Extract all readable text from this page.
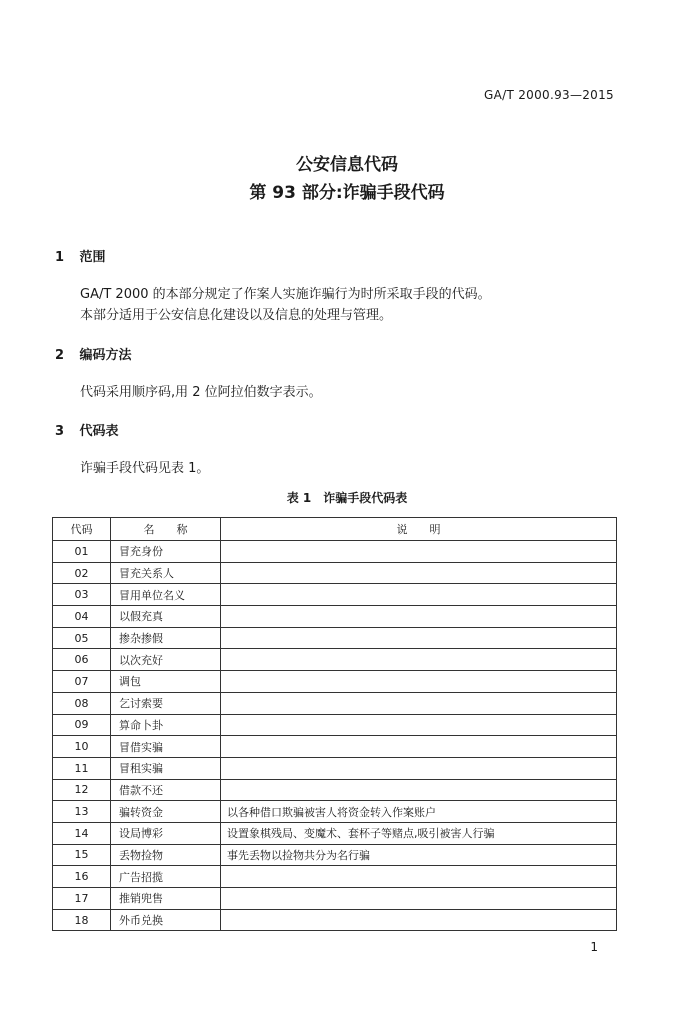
GA/T 2000.93—2015
公安信息代码
第 93 部分:诈骗手段代码
1 范围
GA/T 2000 的本部分规定了作案人实施诈骗行为时所采取手段的代码。
本部分适用于公安信息化建设以及信息的处理与管理。
2 编码方法
代码采用顺序码,用 2 位阿拉伯数字表示。
3 代码表
诈骗手段代码见表 1。
表 1　诈骗手段代码表
代码	名　　称	说　　明
01	冒充身份	
02	冒充关系人	
03	冒用单位名义	
04	以假充真	
05	掺杂掺假	
06	以次充好	
07	调包	
08	乞讨索要	
09	算命卜卦	
10	冒借实骗	
11	冒租实骗	
12	借款不还	
13	骗转资金	以各种借口欺骗被害人将资金转入作案账户
14	设局博彩	设置象棋残局、变魔术、套杯子等赌点,吸引被害人行骗
15	丢物捡物	事先丢物以捡物共分为名行骗
16	广告招揽	
17	推销兜售	
18	外币兑换	
1
